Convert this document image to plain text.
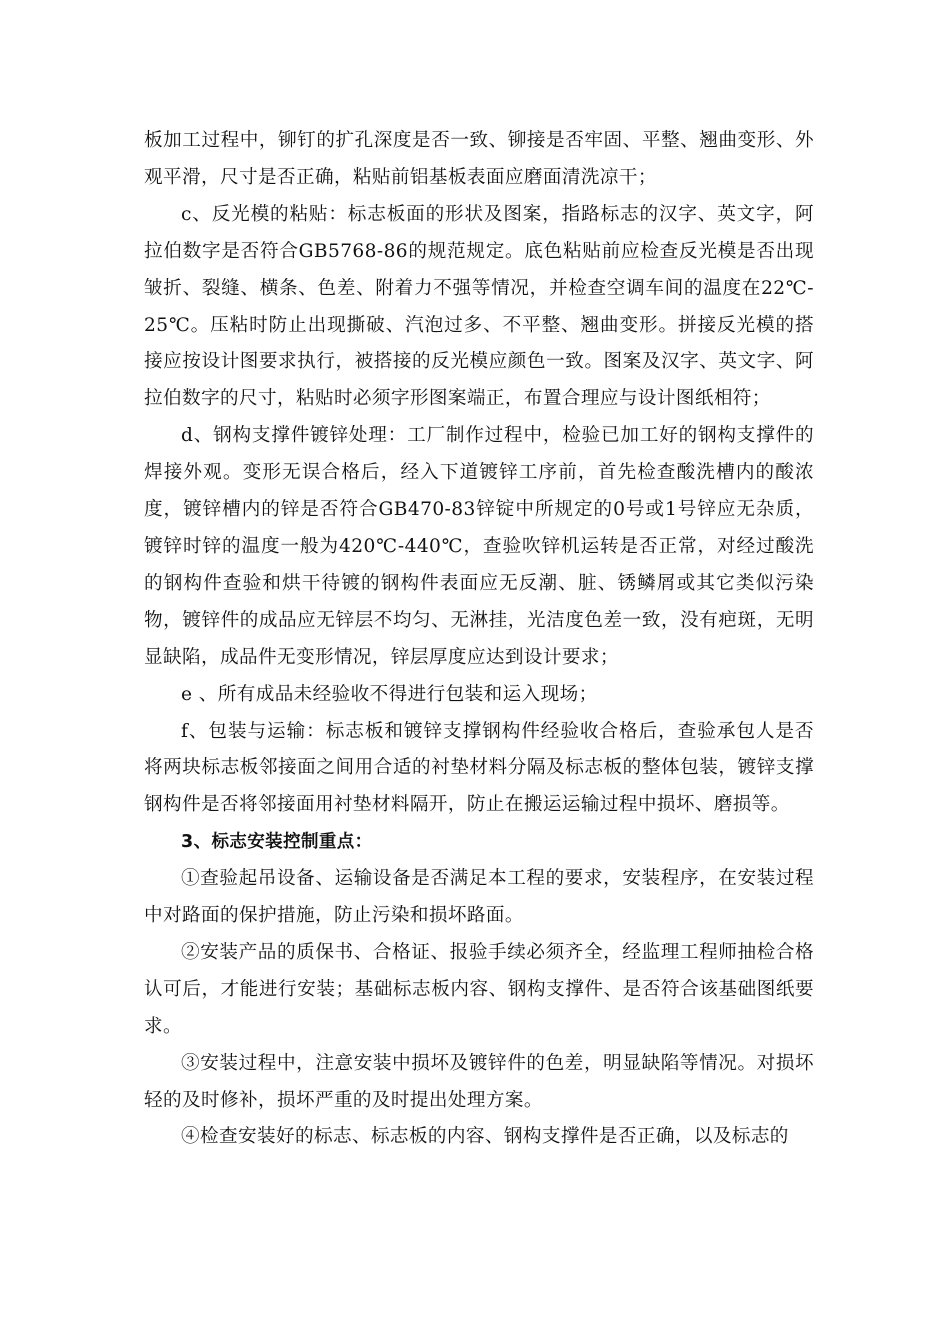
板加工过程中，铆钉的扩孔深度是否一致、铆接是否牢固、平整、翘曲变形、外观平滑，尺寸是否正确，粘贴前铝基板表面应磨面清洗凉干；

c、反光模的粘贴：标志板面的形状及图案，指路标志的汉字、英文字，阿拉伯数字是否符合GB5768-86的规范规定。底色粘贴前应检查反光模是否出现皱折、裂缝、横条、色差、附着力不强等情况，并检查空调车间的温度在22℃-25℃。压粘时防止出现撕破、汽泡过多、不平整、翘曲变形。拼接反光模的搭接应按设计图要求执行，被搭接的反光模应颜色一致。图案及汉字、英文字、阿拉伯数字的尺寸，粘贴时必须字形图案端正，布置合理应与设计图纸相符；

d、钢构支撑件镀锌处理：工厂制作过程中，检验已加工好的钢构支撑件的焊接外观。变形无误合格后，经入下道镀锌工序前，首先检查酸洗槽内的酸浓度，镀锌槽内的锌是否符合GB470-83锌锭中所规定的0号或1号锌应无杂质，镀锌时锌的温度一般为420℃-440℃，查验吹锌机运转是否正常，对经过酸洗的钢构件查验和烘干待镀的钢构件表面应无反潮、脏、锈鳞屑或其它类似污染物，镀锌件的成品应无锌层不均匀、无淋挂，光洁度色差一致，没有疤斑，无明显缺陷，成品件无变形情况，锌层厚度应达到设计要求；

e 、所有成品未经验收不得进行包装和运入现场；

f、包装与运输：标志板和镀锌支撑钢构件经验收合格后，查验承包人是否将两块标志板邻接面之间用合适的衬垫材料分隔及标志板的整体包装，镀锌支撑钢构件是否将邻接面用衬垫材料隔开，防止在搬运运输过程中损坏、磨损等。

3、标志安装控制重点：

①查验起吊设备、运输设备是否满足本工程的要求，安装程序，在安装过程中对路面的保护措施，防止污染和损坏路面。

②安装产品的质保书、合格证、报验手续必须齐全，经监理工程师抽检合格认可后，才能进行安装；基础标志板内容、钢构支撑件、是否符合该基础图纸要求。

③安装过程中，注意安装中损坏及镀锌件的色差，明显缺陷等情况。对损坏轻的及时修补，损坏严重的及时提出处理方案。

④检查安装好的标志、标志板的内容、钢构支撑件是否正确，以及标志的
